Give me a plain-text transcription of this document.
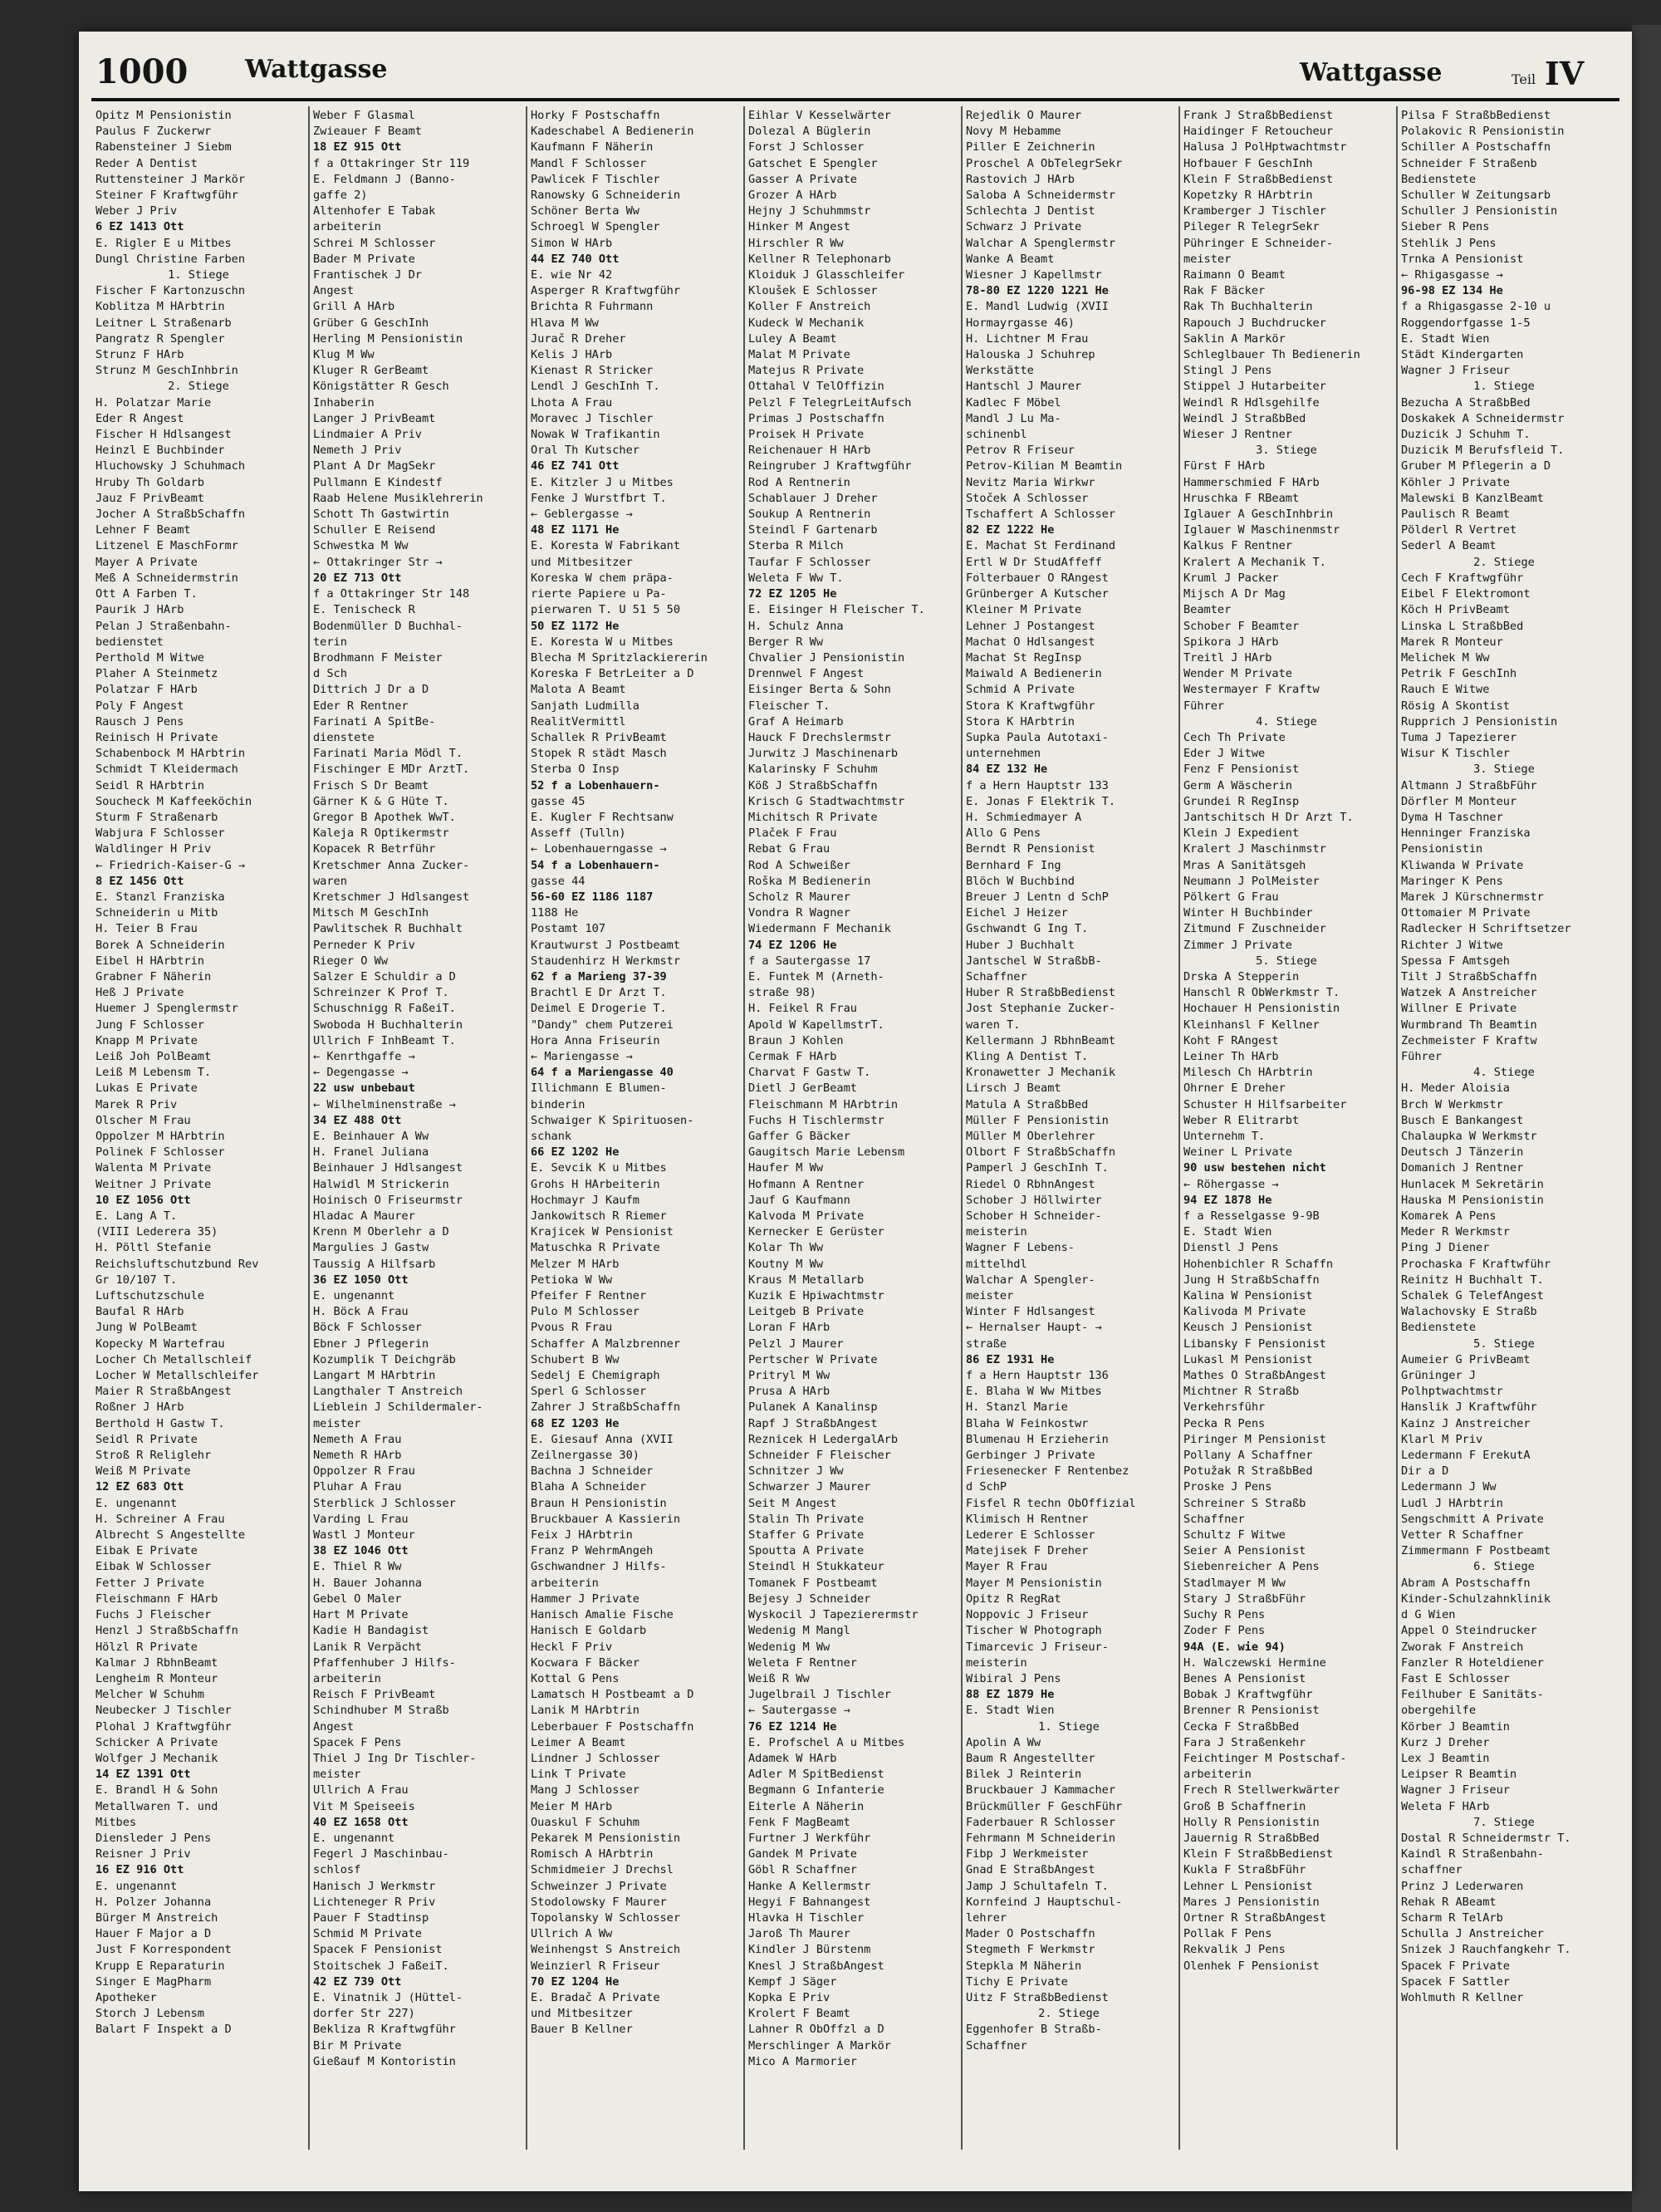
1000 Wattgasse	Wattgasse	Teil IV
Opitz M Pensionistin
Paulus F Zuckerwr
Rabensteiner J Siebm
Reder A Dentist
Ruttensteiner J Markör
Steiner F Kraftwgführ
Weber J Priv
6 EZ 1413 Ott
E. Rigler E u Mitbes
Dungl Christine Farben
1. Stiege
Fischer F Kartonzuschn
Koblitza M HArbtrin
Leitner L Straßenarb
Pangratz R Spengler
Strunz F HArb
Strunz M GeschInhbrin
2. Stiege
H. Polatzar Marie
Eder R Angest
Fischer H Hdlsangest
Heinzl E Buchbinder
Hluchowsky J Schuhmach
Hruby Th Goldarb
Jauz F PrivBeamt
Jocher A StraßbSchaffn
Lehner F Beamt
Litzenel E MaschFormr
Mayer A Private
Meß A Schneidermstrin
Ott A Farben T.
Paurik J HArb
Pelan J Straßenbahn-
bedienstet
Perthold M Witwe
Plaher A Steinmetz
Polatzar F HArb
Poly F Angest
Rausch J Pens
Reinisch H Private
Schabenbock M HArbtrin
Schmidt T Kleidermach
Seidl R HArbtrin
Soucheck M Kaffeeköchin
Sturm F Straßenarb
Wabjura F Schlosser
Waldlinger H Priv
← Friedrich-Kaiser-G →
8 EZ 1456 Ott
E. Stanzl Franziska
Schneiderin u Mitb
H. Teier B Frau
Borek A Schneiderin
Eibel H HArbtrin
Grabner F Näherin
Heß J Private
Huemer J Spenglermstr
Jung F Schlosser
Knapp M Private
Leiß Joh PolBeamt
Leiß M Lebensm T.
Lukas E Private
Marek R Priv
Olscher M Frau
Oppolzer M HArbtrin
Polinek F Schlosser
Walenta M Private
Weitner J Private
10 EZ 1056 Ott
E. Lang A T.
(VIII Lederera 35)
H. Pöltl Stefanie
Reichsluftschutzbund Rev
Gr 10/107 T.
Luftschutzschule
Baufal R HArb
Jung W PolBeamt
Kopecky M Wartefrau
Locher Ch Metallschleif
Locher W Metallschleifer
Maier R StraßbAngest
Roßner J HArb
Berthold H Gastw T.
Seidl R Private
Stroß R Religlehr
Weiß M Private
12 EZ 683 Ott
E. ungenannt
H. Schreiner A Frau
Albrecht S Angestellte
Eibak E Private
Eibak W Schlosser
Fetter J Private
Fleischmann F HArb
Fuchs J Fleischer
Henzl J StraßbSchaffn
Hölzl R Private
Kalmar J RbhnBeamt
Lengheim R Monteur
Melcher W Schuhm
Neubecker J Tischler
Plohal J Kraftwgführ
Schicker A Private
Wolfger J Mechanik
14 EZ 1391 Ott
E. Brandl H & Sohn
Metallwaren T. und
Mitbes
Diensleder J Pens
Reisner J Priv
16 EZ 916 Ott
E. ungenannt
H. Polzer Johanna
Bürger M Anstreich
Hauer F Major a D
Just F Korrespondent
Krupp E Reparaturin
Singer E MagPharm
Apotheker
Storch J Lebensm
Balart F Inspekt a D
Weber F Glasmal
Zwieauer F Beamt
18 EZ 915 Ott
f a Ottakringer Str 119
E. Feldmann J (Banno-
gaffe 2)
Altenhofer E Tabak
arbeiterin
Schrei M Schlosser
Bader M Private
Frantischek J Dr
Angest
Grill A HArb
Grüber G GeschInh
Herling M Pensionistin
Klug M Ww
Kluger R GerBeamt
Königstätter R Gesch
Inhaberin
Langer J PrivBeamt
Lindmaier A Priv
Nemeth J Priv
Plant A Dr MagSekr
Pullmann E Kindestf
Raab Helene Musiklehrerin
Schott Th Gastwirtin
Schuller E Reisend
Schwestka M Ww
← Ottakringer Str →
20 EZ 713 Ott
f a Ottakringer Str 148
E. Tenischeck R
Bodenmüller D Buchhal-
terin
Brodhmann F Meister
d Sch
Dittrich J Dr a D
Eder R Rentner
Farinati A SpitBe-
dienstete
Farinati Maria Mödl T.
Fischinger E MDr ArztT.
Frisch S Dr Beamt
Gärner K & G Hüte T.
Gregor B Apothek WwT.
Kaleja R Optikermstr
Kopacek R Betrführ
Kretschmer Anna Zucker-
waren
Kretschmer J Hdlsangest
Mitsch M GeschInh
Pawlitschek R Buchhalt
Perneder K Priv
Rieger O Ww
Salzer E Schuldir a D
Schreinzer K Prof T.
Schuschnigg R FaßeiT.
Swoboda H Buchhalterin
Ullrich F InhBeamt T.
← Kenrthgaffe →
← Degengasse →
22 usw unbebaut
← Wilhelminenstraße →
34 EZ 488 Ott
E. Beinhauer A Ww
H. Franel Juliana
Beinhauer J Hdlsangest
Halwidl M Strickerin
Hoinisch O Friseurmstr
Hladac A Maurer
Krenn M Oberlehr a D
Margulies J Gastw
Taussig A Hilfsarb
36 EZ 1050 Ott
E. ungenannt
H. Böck A Frau
Böck F Schlosser
Ebner J Pflegerin
Kozumplik T Deichgräb
Langart M HArbtrin
Langthaler T Anstreich
Lieblein J Schildermaler-
meister
Nemeth A Frau
Nemeth R HArb
Oppolzer R Frau
Pluhar A Frau
Sterblick J Schlosser
Varding L Frau
Wastl J Monteur
38 EZ 1046 Ott
E. Thiel R Ww
H. Bauer Johanna
Gebel O Maler
Hart M Private
Kadie H Bandagist
Lanik R Verpächt
Pfaffenhuber J Hilfs-
arbeiterin
Reisch F PrivBeamt
Schindhuber M Straßb
Angest
Spacek F Pens
Thiel J Ing Dr Tischler-
meister
Ullrich A Frau
Vit M Speiseeis
40 EZ 1658 Ott
E. ungenannt
Fegerl J Maschinbau-
schlosf
Hanisch J Werkmstr
Lichteneger R Priv
Pauer F Stadtinsp
Schmid M Private
Spacek F Pensionist
Stoitschek J FaßeiT.
42 EZ 739 Ott
E. Vinatnik J (Hüttel-
dorfer Str 227)
Bekliza R Kraftwgführ
Bir M Private
Gießauf M Kontoristin
Horky F Postschaffn
Kadeschabel A Bedienerin
Kaufmann F Näherin
Mandl F Schlosser
Pawlicek F Tischler
Ranowsky G Schneiderin
Schöner Berta Ww
Schroegl W Spengler
Simon W HArb
44 EZ 740 Ott
E. wie Nr 42
Asperger R Kraftwgführ
Brichta R Fuhrmann
Hlava M Ww
Jurač R Dreher
Kelis J HArb
Kienast R Stricker
Lendl J GeschInh T.
Lhota A Frau
Moravec J Tischler
Nowak W Trafikantin
Oral Th Kutscher
46 EZ 741 Ott
E. Kitzler J u Mitbes
Fenke J Wurstfbrt T.
← Geblergasse →
48 EZ 1171 He
E. Koresta W Fabrikant
und Mitbesitzer
Koreska W chem präpa-
rierte Papiere u Pa-
pierwaren T. U 51 5 50
50 EZ 1172 He
E. Koresta W u Mitbes
Blecha M Spritzlackiererin
Koreska F BetrLeiter a D
Malota A Beamt
Sanjath Ludmilla
RealitVermittl
Schallek R PrivBeamt
Stopek R städt Masch
Sterba O Insp
52 f a Lobenhauern-
gasse 45
E. Kugler F Rechtsanw
Asseff (Tulln)
← Lobenhauerngasse →
54 f a Lobenhauern-
gasse 44
56-60 EZ 1186 1187
1188 He
Postamt 107
Krautwurst J Postbeamt
Staudenhirz H Werkmstr
62 f a Marieng 37-39
Brachtl E Dr Arzt T.
Deimel E Drogerie T.
"Dandy" chem Putzerei
Hora Anna Friseurin
← Mariengasse →
64 f a Mariengasse 40
Illichmann E Blumen-
binderin
Schwaiger K Spirituosen-
schank
66 EZ 1202 He
E. Sevcik K u Mitbes
Grohs H HArbeiterin
Hochmayr J Kaufm
Jankowitsch R Riemer
Krajicek W Pensionist
Matuschka R Private
Melzer M HArb
Petioka W Ww
Pfeifer F Rentner
Pulo M Schlosser
Pvous R Frau
Schaffer A Malzbrenner
Schubert B Ww
Sedelj E Chemigraph
Sperl G Schlosser
Zahrer J StraßbSchaffn
68 EZ 1203 He
E. Giesauf Anna (XVII
Zeilnergasse 30)
Bachna J Schneider
Blaha A Schneider
Braun H Pensionistin
Bruckbauer A Kassierin
Feix J HArbtrin
Franz P WehrmAngeh
Gschwandner J Hilfs-
arbeiterin
Hammer J Private
Hanisch Amalie Fische
Hanisch E Goldarb
Heckl F Priv
Kocwara F Bäcker
Kottal G Pens
Lamatsch H Postbeamt a D
Lanik M HArbtrin
Leberbauer F Postschaffn
Leimer A Beamt
Lindner J Schlosser
Link T Private
Mang J Schlosser
Meier M HArb
Ouaskul F Schuhm
Pekarek M Pensionistin
Romisch A HArbtrin
Schmidmeier J Drechsl
Schweinzer J Private
Stodolowsky F Maurer
Topolansky W Schlosser
Ullrich A Ww
Weinhengst S Anstreich
Weinzierl R Friseur
70 EZ 1204 He
E. Bradač A Private
und Mitbesitzer
Bauer B Kellner
Eihlar V Kesselwärter
Dolezal A Büglerin
Forst J Schlosser
Gatschet E Spengler
Gasser A Private
Grozer A HArb
Hejny J Schuhmmstr
Hinker M Angest
Hirschler R Ww
Kellner R Telephonarb
Kloiduk J Glasschleifer
Kloušek E Schlosser
Koller F Anstreich
Kudeck W Mechanik
Luley A Beamt
Malat M Private
Matejus R Private
Ottahal V TelOffizin
Pelzl F TelegrLeitAufsch
Primas J Postschaffn
Proisek H Private
Reichenauer H HArb
Reingruber J Kraftwgführ
Rod A Rentnerin
Schablauer J Dreher
Soukup A Rentnerin
Steindl F Gartenarb
Sterba R Milch
Taufar F Schlosser
Weleta F Ww T.
72 EZ 1205 He
E. Eisinger H Fleischer T.
H. Schulz Anna
Berger R Ww
Chvalier J Pensionistin
Drennwel F Angest
Eisinger Berta & Sohn
Fleischer T.
Graf A Heimarb
Hauck F Drechslermstr
Jurwitz J Maschinenarb
Kalarinsky F Schuhm
Köß J StraßbSchaffn
Krisch G Stadtwachtmstr
Michitsch R Private
Plaček F Frau
Rebat G Frau
Rod A Schweißer
Roška M Bedienerin
Scholz R Maurer
Vondra R Wagner
Wiedermann F Mechanik
74 EZ 1206 He
f a Sautergasse 17
E. Funtek M (Arneth-
straße 98)
H. Feikel R Frau
Apold W KapellmstrT.
Braun J Kohlen
Cermak F HArb
Charvat F Gastw T.
Dietl J GerBeamt
Fleischmann M HArbtrin
Fuchs H Tischlermstr
Gaffer G Bäcker
Gaugitsch Marie Lebensm
Haufer M Ww
Hofmann A Rentner
Jauf G Kaufmann
Kalvoda M Private
Kernecker E Gerüster
Kolar Th Ww
Koutny M Ww
Kraus M Metallarb
Kuzik E Hpiwachtmstr
Leitgeb B Private
Loran F HArb
Pelzl J Maurer
Pertscher W Private
Pritryl M Ww
Prusa A HArb
Pulanek A Kanalinsp
Rapf J StraßbAngest
Reznicek H LedergalArb
Schneider F Fleischer
Schnitzer J Ww
Schwarzer J Maurer
Seit M Angest
Stalin Th Private
Staffer G Private
Spoutta A Private
Steindl H Stukkateur
Tomanek F Postbeamt
Bejesy J Schneider
Wyskocil J Tapezierermstr
Wedenig M Mangl
Wedenig M Ww
Weleta F Rentner
Weiß R Ww
Jugelbrail J Tischler
← Sautergasse →
76 EZ 1214 He
E. Profschel A u Mitbes
Adamek W HArb
Adler M SpitBedienst
Begmann G Infanterie
Eiterle A Näherin
Fenk F MagBeamt
Furtner J Werkführ
Gandek M Private
Göbl R Schaffner
Hanke A Kellermstr
Hegyi F Bahnangest
Hlavka H Tischler
Jaroß Th Maurer
Kindler J Bürstenm
Knesl J StraßbAngest
Kempf J Säger
Kopka E Priv
Krolert F Beamt
Lahner R ObOffzl a D
Merschlinger A Markör
Mico A Marmorier
Rejedlik O Maurer
Novy M Hebamme
Piller E Zeichnerin
Proschel A ObTelegrSekr
Rastovich J HArb
Saloba A Schneidermstr
Schlechta J Dentist
Schwarz J Private
Walchar A Spenglermstr
Wanke A Beamt
Wiesner J Kapellmstr
78-80 EZ 1220 1221 He
E. Mandl Ludwig (XVII
Hormayrgasse 46)
H. Lichtner M Frau
Halouska J Schuhrep
Werkstätte
Hantschl J Maurer
Kadlec F Möbel
Mandl J Lu Ma-
schinenbl
Petrov R Friseur
Petrov-Kilian M Beamtin
Nevitz Maria Wirkwr
Stoček A Schlosser
Tschaffert A Schlosser
82 EZ 1222 He
E. Machat St Ferdinand
Ertl W Dr StudAffeff
Folterbauer O RAngest
Grünberger A Kutscher
Kleiner M Private
Lehner J Postangest
Machat O Hdlsangest
Machat St RegInsp
Maiwald A Bedienerin
Schmid A Private
Stora K Kraftwgführ
Stora K HArbtrin
Supka Paula Autotaxi-
unternehmen
84 EZ 132 He
f a Hern Hauptstr 133
E. Jonas F Elektrik T.
H. Schmiedmayer A
Allo G Pens
Berndt R Pensionist
Bernhard F Ing
Blöch W Buchbind
Breuer J Lentn d SchP
Eichel J Heizer
Gschwandt G Ing T.
Huber J Buchhalt
Jantschel W StraßbB-
Schaffner
Huber R StraßbBedienst
Jost Stephanie Zucker-
waren T.
Kellermann J RbhnBeamt
Kling A Dentist T.
Kronawetter J Mechanik
Lirsch J Beamt
Matula A StraßbBed
Müller F Pensionistin
Müller M Oberlehrer
Olbort F StraßbSchaffn
Pamperl J GeschInh T.
Riedel O RbhnAngest
Schober J Höllwirter
Schober H Schneider-
meisterin
Wagner F Lebens-
mittelhdl
Walchar A Spengler-
meister
Winter F Hdlsangest
← Hernalser Haupt- →
straße
86 EZ 1931 He
f a Hern Hauptstr 136
E. Blaha W Ww Mitbes
H. Stanzl Marie
Blaha W Feinkostwr
Blumenau H Erzieherin
Gerbinger J Private
Friesenecker F Rentenbez
d SchP
Fisfel R techn ObOffizial
Klimisch H Rentner
Lederer E Schlosser
Matejisek F Dreher
Mayer R Frau
Mayer M Pensionistin
Opitz R RegRat
Noppovic J Friseur
Tischer W Photograph
Timarcevic J Friseur-
meisterin
Wibiral J Pens
88 EZ 1879 He
E. Stadt Wien
1. Stiege
Apolin A Ww
Baum R Angestellter
Bilek J Reinterin
Bruckbauer J Kammacher
Brückmüller F GeschFühr
Faderbauer R Schlosser
Fehrmann M Schneiderin
Fibp J Werkmeister
Gnad E StraßbAngest
Jamp J Schultafeln T.
Kornfeind J Hauptschul-
lehrer
Mader O Postschaffn
Stegmeth F Werkmstr
Stepkla M Näherin
Tichy E Private
Uitz F StraßbBedienst
2. Stiege
Eggenhofer B Straßb-
Schaffner
Frank J StraßbBedienst
Haidinger F Retoucheur
Halusa J PolHptwachtmstr
Hofbauer F GeschInh
Klein F StraßbBedienst
Kopetzky R HArbtrin
Kramberger J Tischler
Pileger R TelegrSekr
Pühringer E Schneider-
meister
Raimann O Beamt
Rak F Bäcker
Rak Th Buchhalterin
Rapouch J Buchdrucker
Saklin A Markör
Schleglbauer Th Bedienerin
Stingl J Pens
Stippel J Hutarbeiter
Weindl R Hdlsgehilfe
Weindl J StraßbBed
Wieser J Rentner
3. Stiege
Fürst F HArb
Hammerschmied F HArb
Hruschka F RBeamt
Iglauer A GeschInhbrin
Iglauer W Maschinenmstr
Kalkus F Rentner
Kralert A Mechanik T.
Kruml J Packer
Mijsch A Dr Mag
Beamter
Schober F Beamter
Spikora J HArb
Treitl J HArb
Wender M Private
Westermayer F Kraftw
Führer
4. Stiege
Cech Th Private
Eder J Witwe
Fenz F Pensionist
Germ A Wäscherin
Grundei R RegInsp
Jantschitsch H Dr Arzt T.
Klein J Expedient
Kralert J Maschinmstr
Mras A Sanitätsgeh
Neumann J PolMeister
Pölkert G Frau
Winter H Buchbinder
Zitmund F Zuschneider
Zimmer J Private
5. Stiege
Drska A Stepperin
Hanschl R ObWerkmstr T.
Hochauer H Pensionistin
Kleinhansl F Kellner
Koht F RAngest
Leiner Th HArb
Milesch Ch HArbtrin
Ohrner E Dreher
Schuster H Hilfsarbeiter
Weber R Elitrarbt
Unternehm T.
Weiner L Private
90 usw bestehen nicht
← Röhergasse →
94 EZ 1878 He
f a Resselgasse 9-9B
E. Stadt Wien
Dienstl J Pens
Hohenbichler R Schaffn
Jung H StraßbSchaffn
Kalina W Pensionist
Kalivoda M Private
Keusch J Pensionist
Libansky F Pensionist
Lukasl M Pensionist
Mathes O StraßbAngest
Michtner R Straßb
Verkehrsführ
Pecka R Pens
Piringer M Pensionist
Pollany A Schaffner
Potužak R StraßbBed
Proske J Pens
Schreiner S Straßb
Schaffner
Schultz F Witwe
Seier A Pensionist
Siebenreicher A Pens
Stadlmayer M Ww
Stary J StraßbFühr
Suchy R Pens
Zoder F Pens
94A (E. wie 94)
H. Walczewski Hermine
Benes A Pensionist
Bobak J Kraftwgführ
Brenner R Pensionist
Cecka F StraßbBed
Fara J Straßenkehr
Feichtinger M Postschaf-
arbeiterin
Frech R Stellwerkwärter
Groß B Schaffnerin
Holly R Pensionistin
Jauernig R StraßbBed
Klein F StraßbBedienst
Kukla F StraßbFühr
Lehner L Pensionist
Mares J Pensionistin
Ortner R StraßbAngest
Pollak F Pens
Rekvalik J Pens
Olenhek F Pensionist
Pilsa F StraßbBedienst
Polakovic R Pensionistin
Schiller A Postschaffn
Schneider F Straßenb
Bedienstete
Schuller W Zeitungsarb
Schuller J Pensionistin
Sieber R Pens
Stehlik J Pens
Trnka A Pensionist
← Rhigasgasse →
96-98 EZ 134 He
f a Rhigasgasse 2-10 u
Roggendorfgasse 1-5
E. Stadt Wien
Städt Kindergarten
Wagner J Friseur
1. Stiege
Bezucha A StraßbBed
Doskakek A Schneidermstr
Duzicik J Schuhm T.
Duzicik M Berufsfleid T.
Gruber M Pflegerin a D
Köhler J Private
Malewski B KanzlBeamt
Paulisch R Beamt
Pölderl R Vertret
Sederl A Beamt
2. Stiege
Cech F Kraftwgführ
Eibel F Elektromont
Köch H PrivBeamt
Linska L StraßbBed
Marek R Monteur
Melichek M Ww
Petrik F GeschInh
Rauch E Witwe
Rösig A Skontist
Rupprich J Pensionistin
Tuma J Tapezierer
Wisur K Tischler
3. Stiege
Altmann J StraßbFühr
Dörfler M Monteur
Dyma H Taschner
Henninger Franziska
Pensionistin
Kliwanda W Private
Maringer K Pens
Marek J Kürschnermstr
Ottomaier M Private
Radlecker H Schriftsetzer
Richter J Witwe
Spessa F Amtsgeh
Tilt J StraßbSchaffn
Watzek A Anstreicher
Willner E Private
Wurmbrand Th Beamtin
Zechmeister F Kraftw
Führer
4. Stiege
H. Meder Aloisia
Brch W Werkmstr
Busch E Bankangest
Chalaupka W Werkmstr
Deutsch J Tänzerin
Domanich J Rentner
Hunlacek M Sekretärin
Hauska M Pensionistin
Komarek A Pens
Meder R Werkmstr
Ping J Diener
Prochaska F Kraftwführ
Reinitz H Buchhalt T.
Schalek G TelefAngest
Walachovsky E Straßb
Bedienstete
5. Stiege
Aumeier G PrivBeamt
Grüninger J
Polhptwachtmstr
Hanslik J Kraftwführ
Kainz J Anstreicher
Klarl M Priv
Ledermann F ErekutA
Dir a D
Ledermann J Ww
Ludl J HArbtrin
Sengschmitt A Private
Vetter R Schaffner
Zimmermann F Postbeamt
6. Stiege
Abram A Postschaffn
Kinder-Schulzahnklinik
d G Wien
Appel O Steindrucker
Zworak F Anstreich
Fanzler R Hoteldiener
Fast E Schlosser
Feilhuber E Sanitäts-
obergehilfe
Körber J Beamtin
Kurz J Dreher
Lex J Beamtin
Leipser R Beamtin
Wagner J Friseur
Weleta F HArb
7. Stiege
Dostal R Schneidermstr T.
Kaindl R Straßenbahn-
schaffner
Prinz J Lederwaren
Rehak R ABeamt
Scharm R TelArb
Schulla J Anstreicher
Snizek J Rauchfangkehr T.
Spacek F Private
Spacek F Sattler
Wohlmuth R Kellner
